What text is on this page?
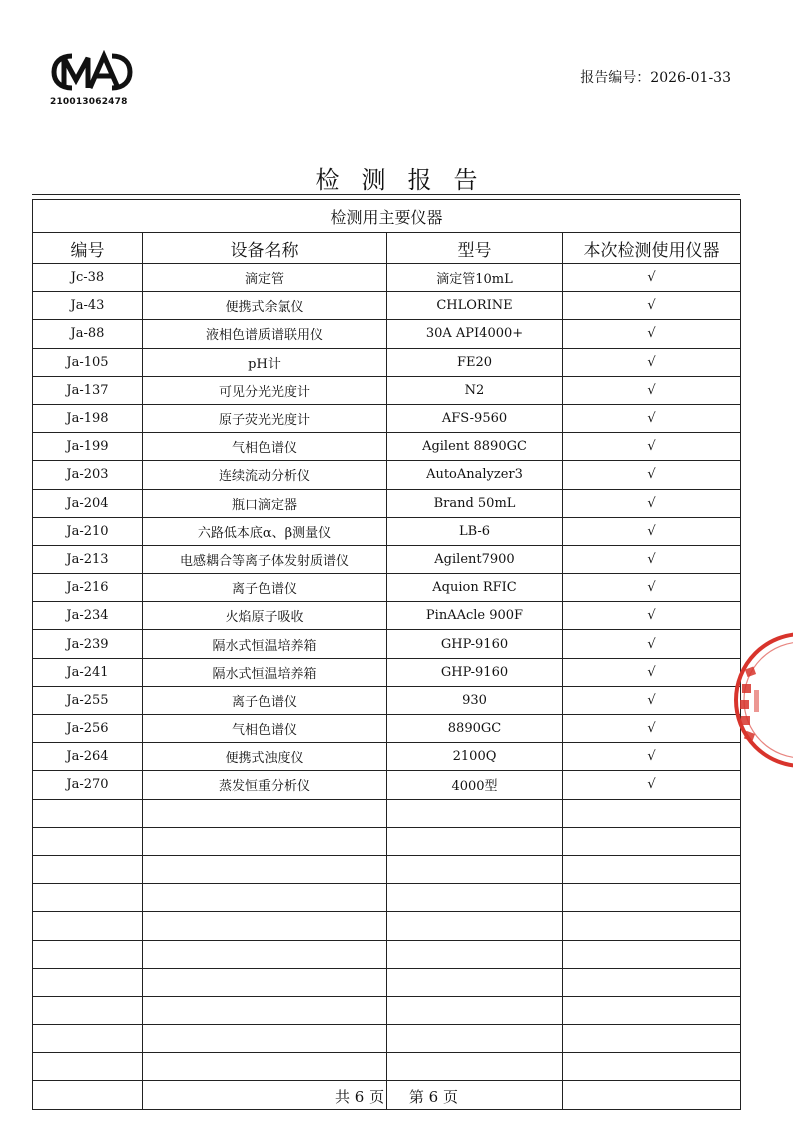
210013062478
报告编号：2026-01-33
检测报告
检测用主要仪器			
编号	设备名称	型号	本次检测使用仪器
Jc-38	滴定管	滴定管10mL	√
Ja-43	便携式余氯仪	CHLORINE	√
Ja-88	液相色谱质谱联用仪	30A API4000+	√
Ja-105	pH计	FE20	√
Ja-137	可见分光光度计	N2	√
Ja-198	原子荧光光度计	AFS-9560	√
Ja-199	气相色谱仪	Agilent 8890GC	√
Ja-203	连续流动分析仪	AutoAnalyzer3	√
Ja-204	瓶口滴定器	Brand 50mL	√
Ja-210	六路低本底α、β测量仪	LB-6	√
Ja-213	电感耦合等离子体发射质谱仪	Agilent7900	√
Ja-216	离子色谱仪	Aquion RFIC	√
Ja-234	火焰原子吸收	PinAAcle 900F	√
Ja-239	隔水式恒温培养箱	GHP-9160	√
Ja-241	隔水式恒温培养箱	GHP-9160	√
Ja-255	离子色谱仪	930	√
Ja-256	气相色谱仪	8890GC	√
Ja-264	便携式浊度仪	2100Q	√
Ja-270	蒸发恒重分析仪	4000型	√

共 6 页 第 6 页
